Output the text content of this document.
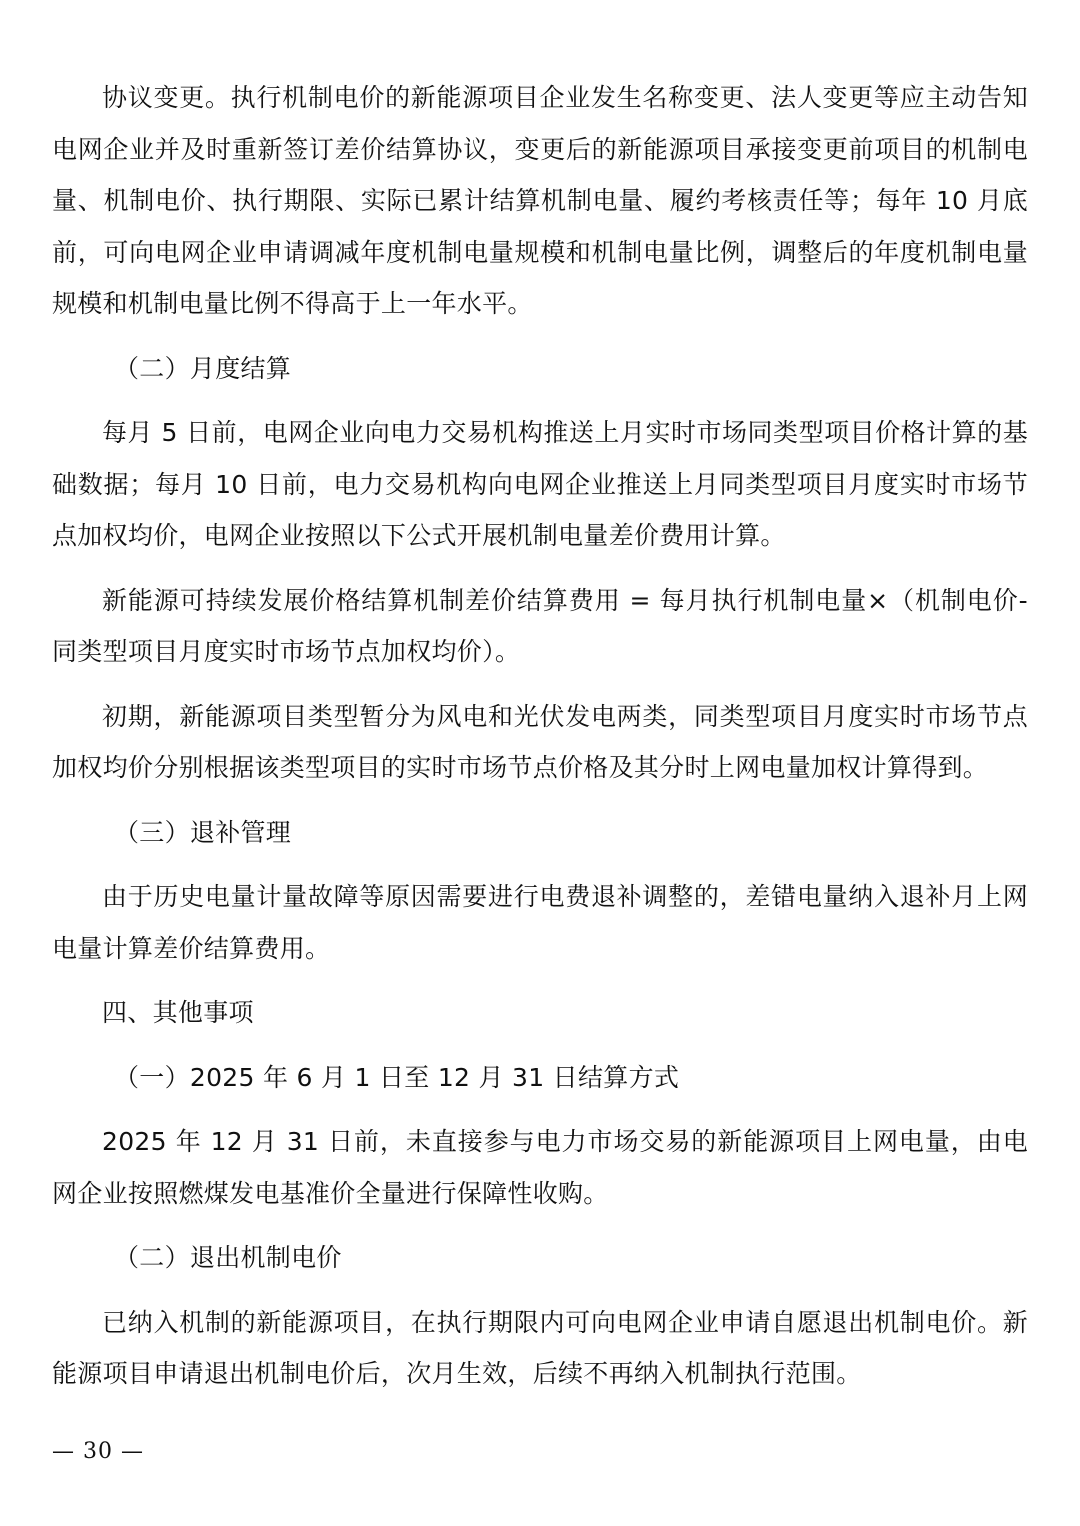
协议变更。执行机制电价的新能源项目企业发生名称变更、法人变更等应主动告知电网企业并及时重新签订差价结算协议，变更后的新能源项目承接变更前项目的机制电量、机制电价、执行期限、实际已累计结算机制电量、履约考核责任等；每年 10 月底前，可向电网企业申请调减年度机制电量规模和机制电量比例，调整后的年度机制电量规模和机制电量比例不得高于上一年水平。

（二）月度结算

每月 5 日前，电网企业向电力交易机构推送上月实时市场同类型项目价格计算的基础数据；每月 10 日前，电力交易机构向电网企业推送上月同类型项目月度实时市场节点加权均价，电网企业按照以下公式开展机制电量差价费用计算。

新能源可持续发展价格结算机制差价结算费用 = 每月执行机制电量×（机制电价-同类型项目月度实时市场节点加权均价）。

初期，新能源项目类型暂分为风电和光伏发电两类，同类型项目月度实时市场节点加权均价分别根据该类型项目的实时市场节点价格及其分时上网电量加权计算得到。

（三）退补管理

由于历史电量计量故障等原因需要进行电费退补调整的，差错电量纳入退补月上网电量计算差价结算费用。

四、其他事项

（一）2025 年 6 月 1 日至 12 月 31 日结算方式

2025 年 12 月 31 日前，未直接参与电力市场交易的新能源项目上网电量，由电网企业按照燃煤发电基准价全量进行保障性收购。

（二）退出机制电价

已纳入机制的新能源项目，在执行期限内可向电网企业申请自愿退出机制电价。新能源项目申请退出机制电价后，次月生效，后续不再纳入机制执行范围。

— 30 —
